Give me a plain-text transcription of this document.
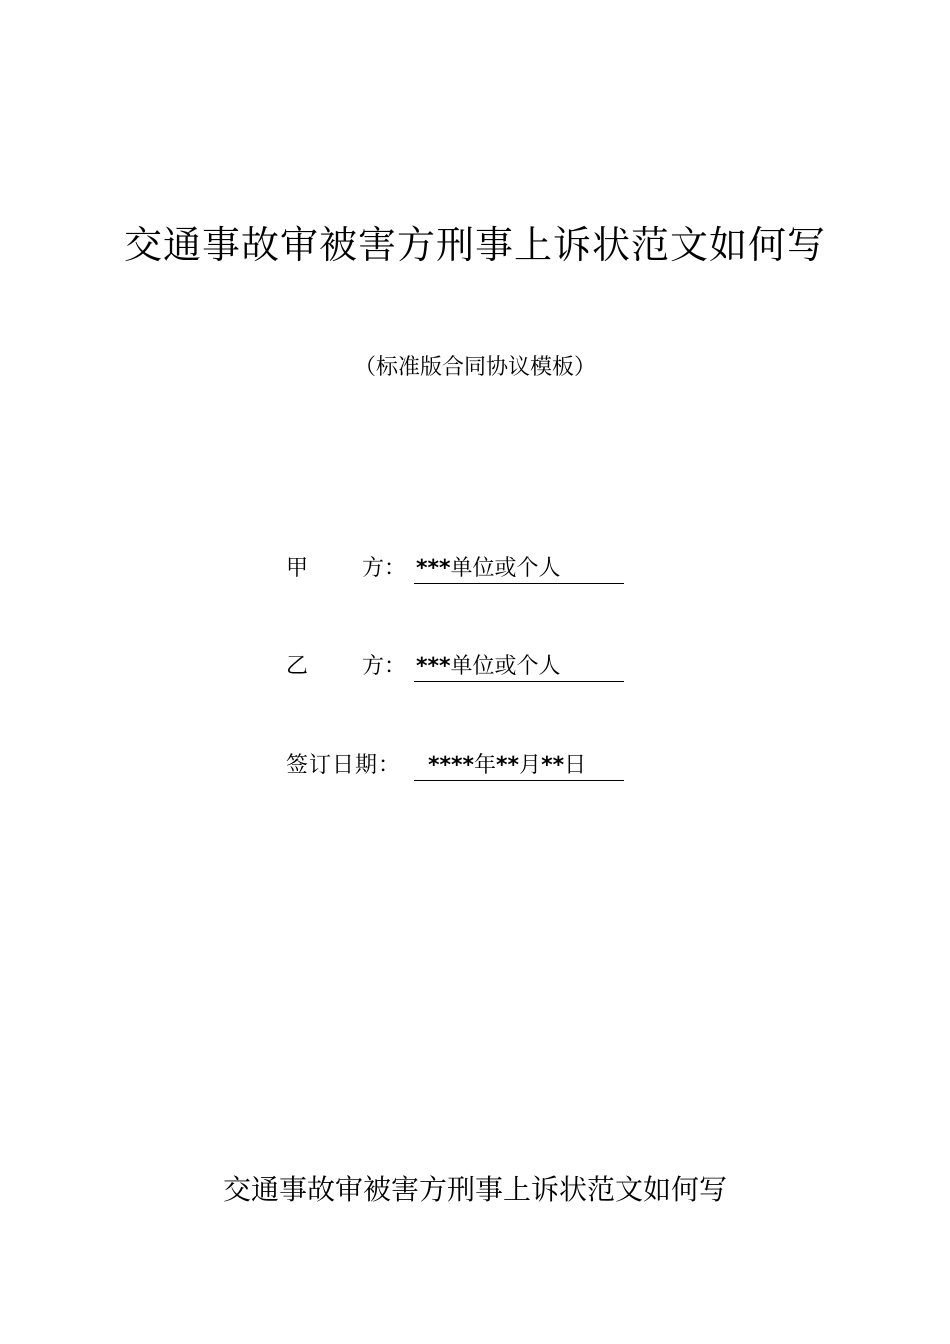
交通事故审被害方刑事上诉状范文如何写
（标准版合同协议模板）
甲 方： ***单位或个人
乙 方： ***单位或个人
签订日期： ****年**月**日
交通事故审被害方刑事上诉状范文如何写
